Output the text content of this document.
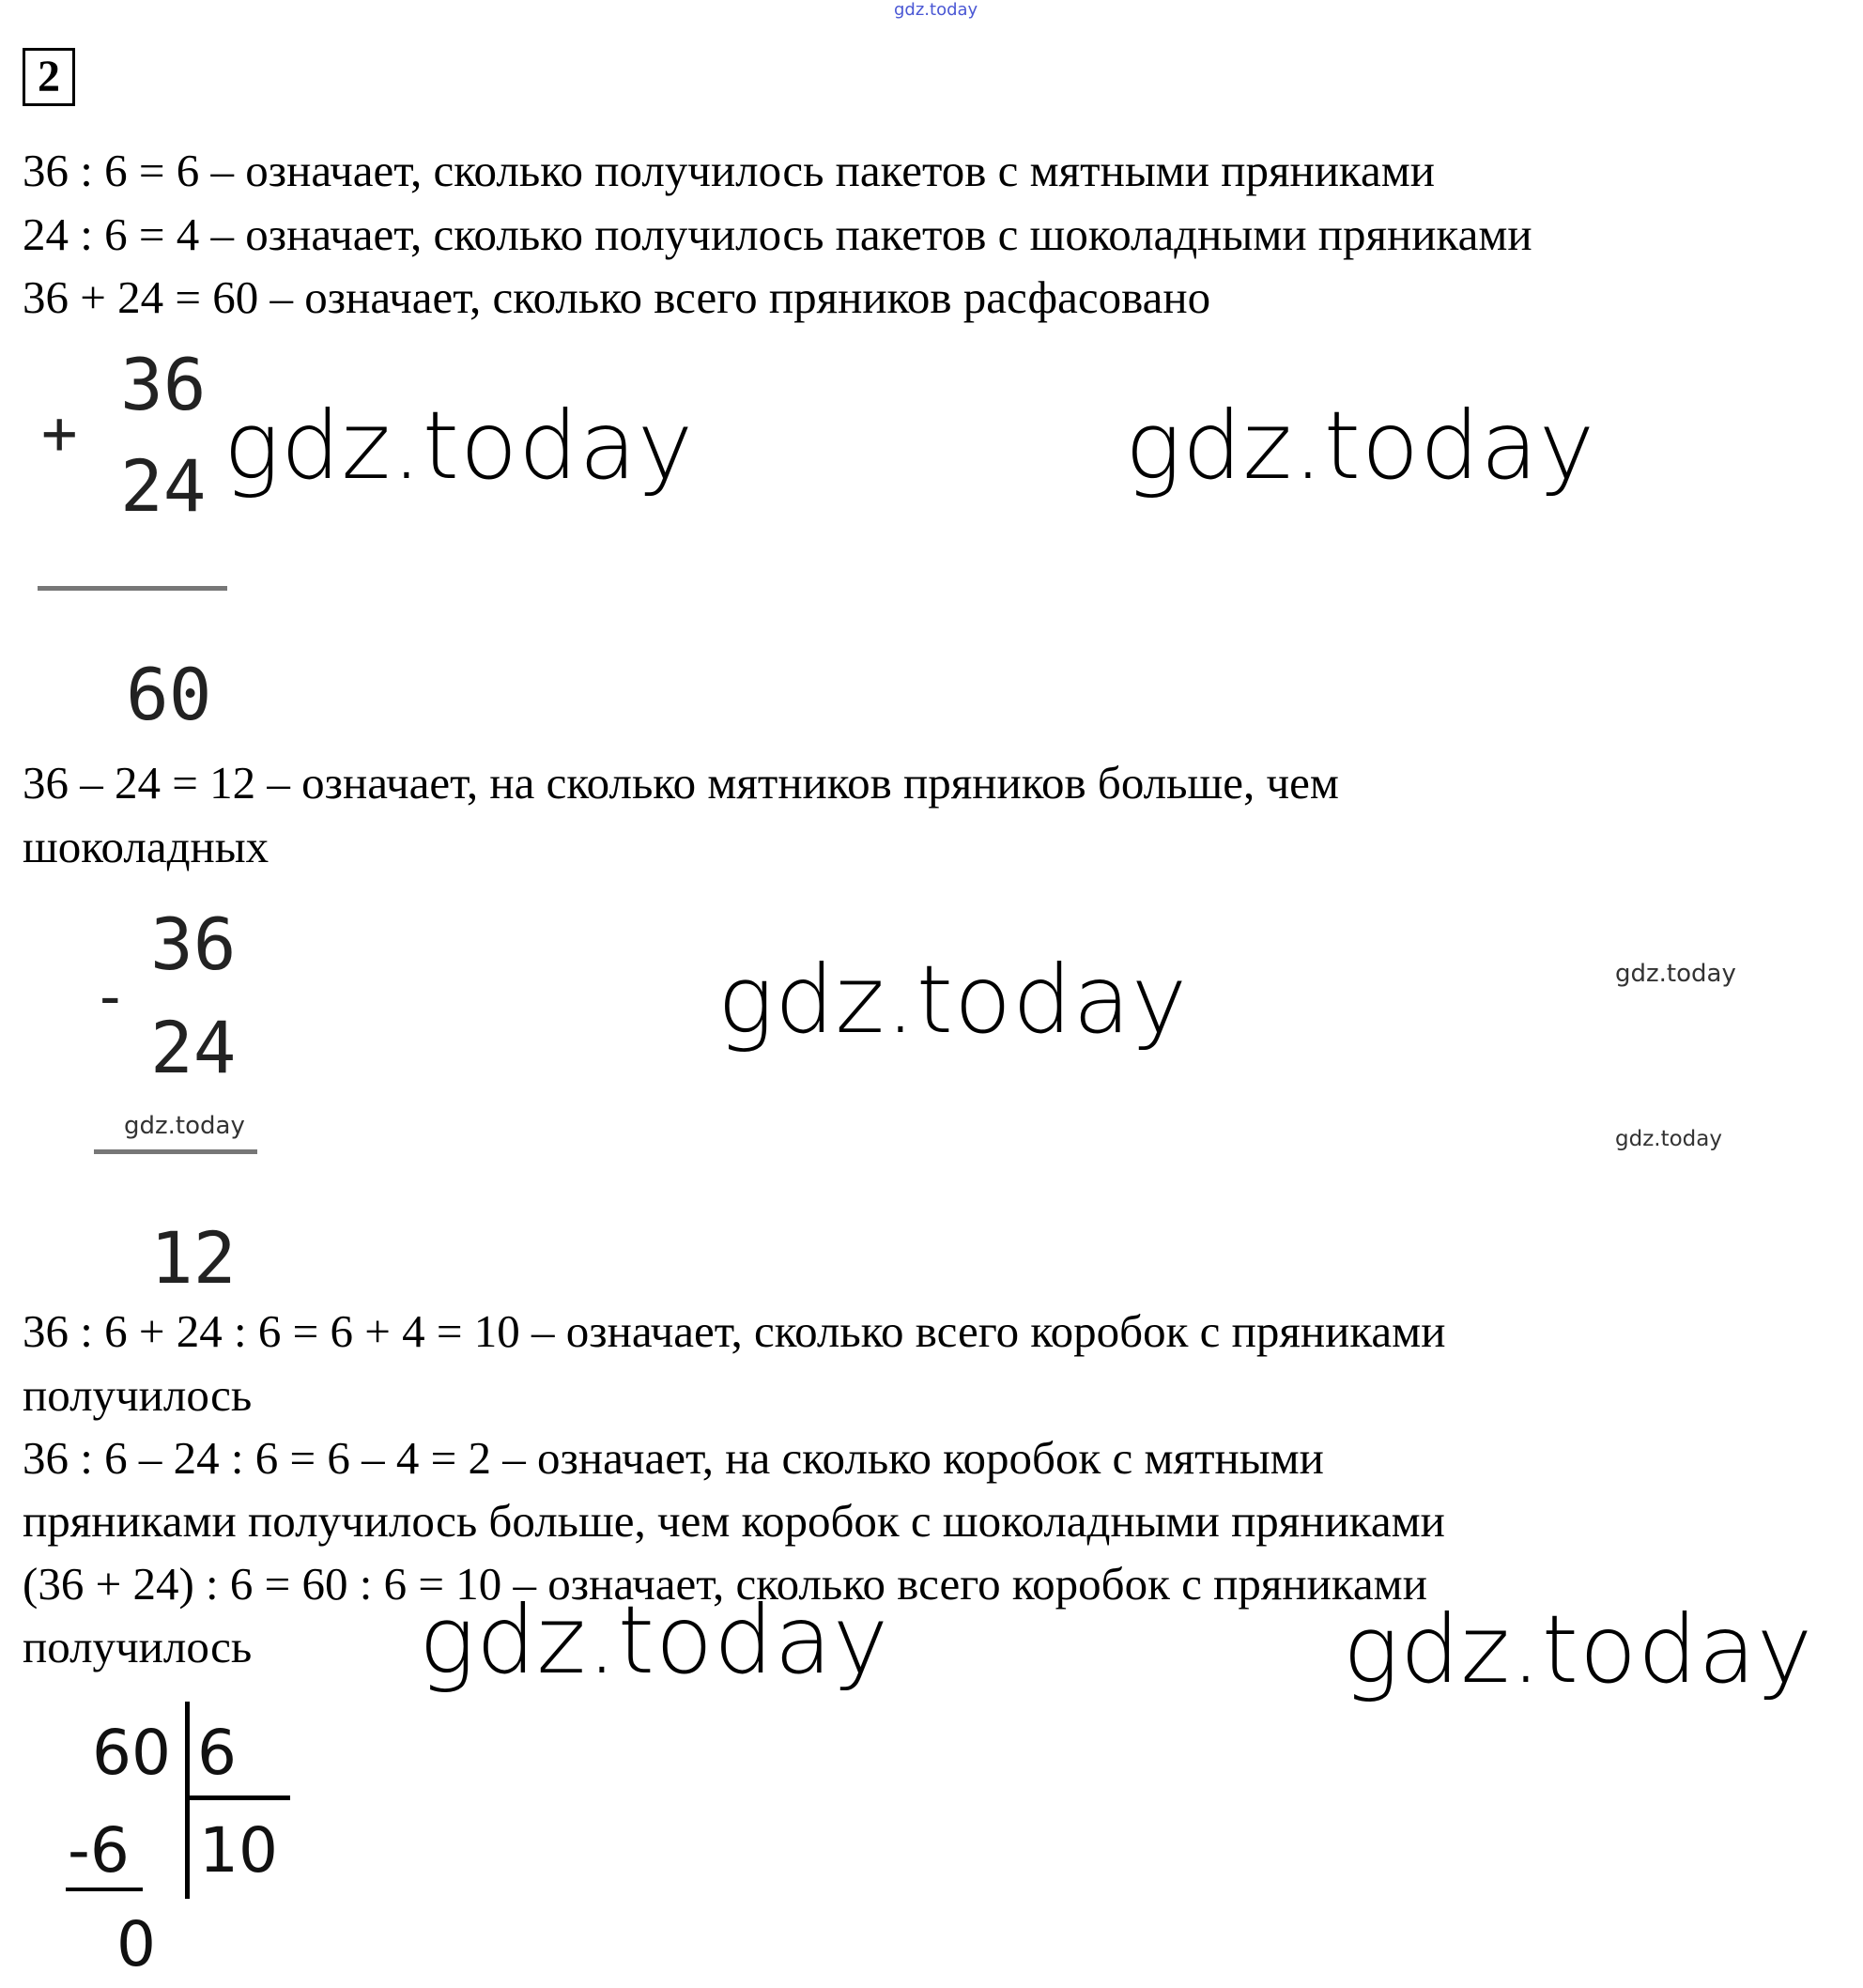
gdz.today
2
36 : 6 = 6 – означает, сколько получилось пакетов с мятными пряниками
24 : 6 = 4 – означает, сколько получилось пакетов с шоколадными пряниками
36 + 24 = 60 – означает, сколько всего пряников расфасовано
+
36
24
60
36 – 24 = 12 – означает, на сколько мятников пряников больше, чем
шоколадных
-
36
24
12
36 : 6 + 24 : 6 = 6 + 4 = 10 – означает, сколько всего коробок с пряниками
получилось
36 : 6 – 24 : 6 = 6 – 4 = 2 – означает, на сколько коробок с мятными
пряниками получилось больше, чем коробок с шоколадными пряниками
(36 + 24) : 6 = 60 : 6 = 10 – означает, сколько всего коробок с пряниками
получилось
60 6
-6 10
0
gdz.today	gdz.today
gdz.today
gdz.today	gdz.today
gdz.today
gdz.today	gdz.today
